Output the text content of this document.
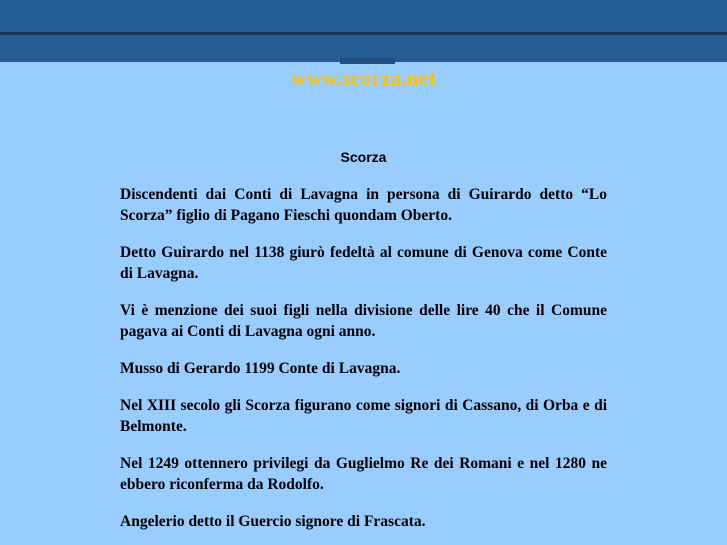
www.scorza.net
Scorza

Discendenti dai Conti di Lavagna in persona di Guirardo detto “Lo Scorza” figlio di Pagano Fieschi quondam Oberto.

Detto Guirardo nel 1138 giurò fedeltà al comune di Genova come Conte di Lavagna.

Vi è menzione dei suoi figli nella divisione delle lire 40 che il Comune pagava ai Conti di Lavagna ogni anno.

Musso di Gerardo 1199 Conte di Lavagna.

Nel XIII secolo gli Scorza figurano come signori di Cassano, di Orba e di Belmonte.

Nel 1249 ottennero privilegi da Guglielmo Re dei Romani e nel 1280 ne ebbero riconferma da Rodolfo.

Angelerio detto il Guercio signore di Frascata.
